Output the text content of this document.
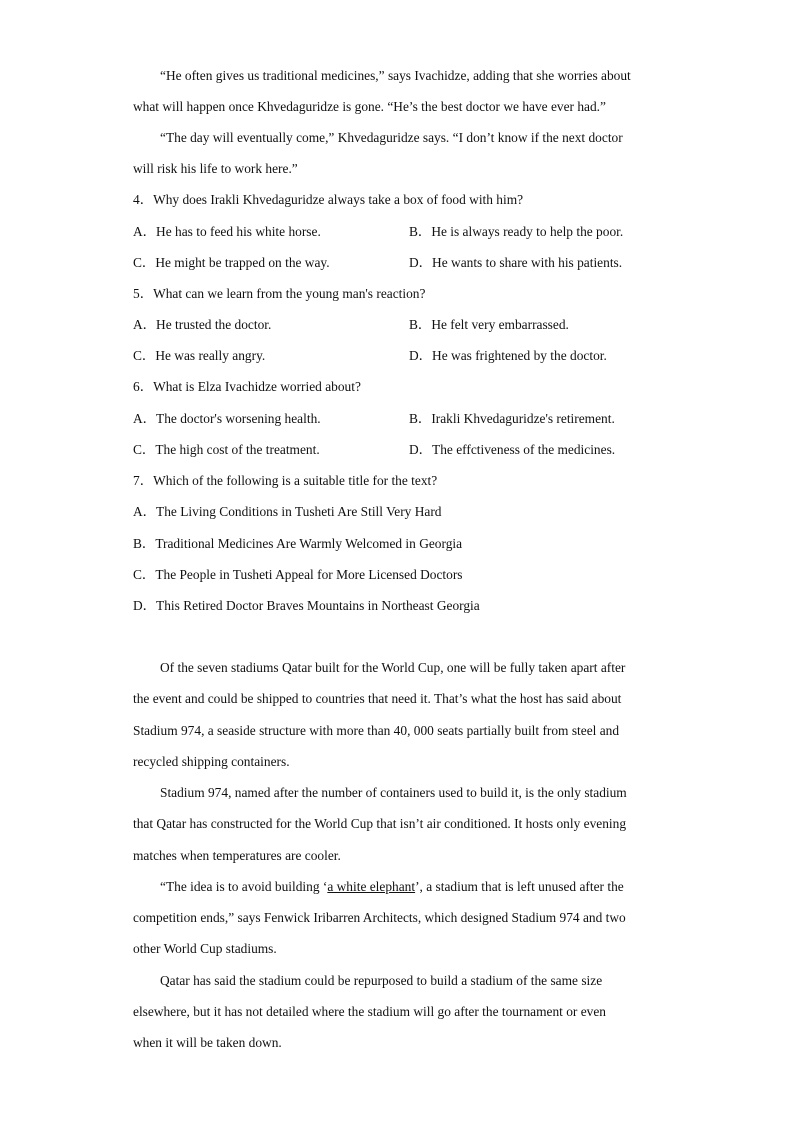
“He often gives us traditional medicines,” says Ivachidze, adding that she worries about
what will happen once Khvedaguridze is gone. “He’s the best doctor we have ever had.”
“The day will eventually come,” Khvedaguridze says. “I don’t know if the next doctor
will risk his life to work here.”
4．Why does Irakli Khvedaguridze always take a box of food with him?
A．He has to feed his white horse.	B．He is always ready to help the poor.
C．He might be trapped on the way.	D．He wants to share with his patients.
5．What can we learn from the young man's reaction?
A．He trusted the doctor.	B．He felt very embarrassed.
C．He was really angry.	D．He was frightened by the doctor.
6．What is Elza Ivachidze worried about?
A．The doctor's worsening health.	B．Irakli Khvedaguridze's retirement.
C．The high cost of the treatment.	D．The effctiveness of the medicines.
7．Which of the following is a suitable title for the text?
A．The Living Conditions in Tusheti Are Still Very Hard
B．Traditional Medicines Are Warmly Welcomed in Georgia
C．The People in Tusheti Appeal for More Licensed Doctors
D．This Retired Doctor Braves Mountains in Northeast Georgia
Of the seven stadiums Qatar built for the World Cup, one will be fully taken apart after
the event and could be shipped to countries that need it. That’s what the host has said about
Stadium 974, a seaside structure with more than 40, 000 seats partially built from steel and
recycled shipping containers.
Stadium 974, named after the number of containers used to build it, is the only stadium
that Qatar has constructed for the World Cup that isn’t air conditioned. It hosts only evening
matches when temperatures are cooler.
“The idea is to avoid building ‘a white elephant’, a stadium that is left unused after the
competition ends,” says Fenwick Iribarren Architects, which designed Stadium 974 and two
other World Cup stadiums.
Qatar has said the stadium could be repurposed to build a stadium of the same size
elsewhere, but it has not detailed where the stadium will go after the tournament or even
when it will be taken down.
